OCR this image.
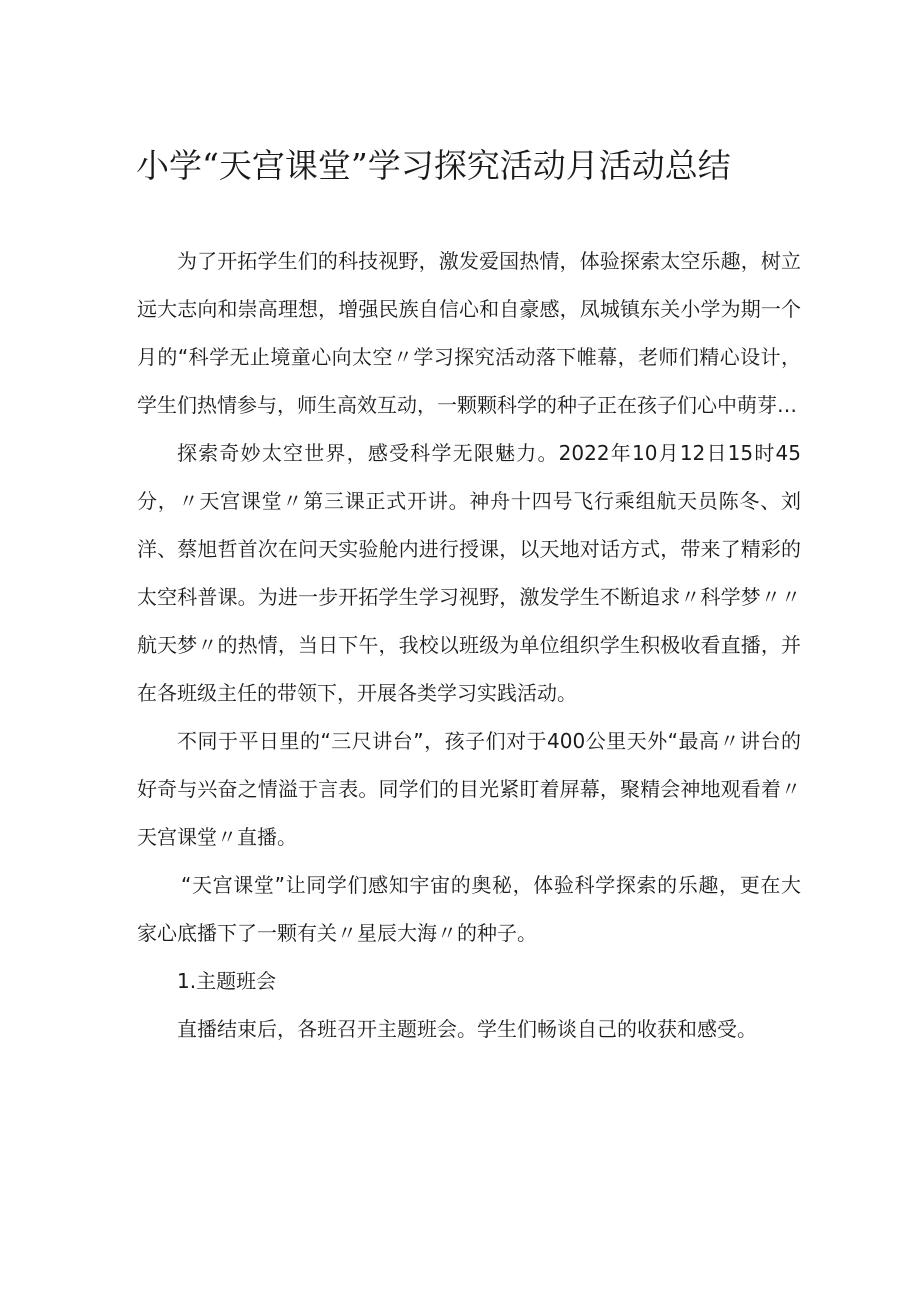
小学“天宫课堂”学习探究活动月活动总结

为了开拓学生们的科技视野，激发爱国热情，体验探索太空乐趣，树立远大志向和崇高理想，增强民族自信心和自豪感，凤城镇东关小学为期一个月的“科学无止境童心向太空〃学习探究活动落下帷幕，老师们精心设计，学生们热情参与，师生高效互动，一颗颗科学的种子正在孩子们心中萌芽…

探索奇妙太空世界，感受科学无限魅力。2022年10月12日15时45分，〃天宫课堂〃第三课正式开讲。神舟十四号飞行乘组航天员陈冬、刘洋、蔡旭哲首次在问天实验舱内进行授课，以天地对话方式，带来了精彩的太空科普课。为进一步开拓学生学习视野，激发学生不断追求〃科学梦〃〃航天梦〃的热情，当日下午，我校以班级为单位组织学生积极收看直播，并在各班级主任的带领下，开展各类学习实践活动。

不同于平日里的“三尺讲台”，孩子们对于400公里天外“最高〃讲台的好奇与兴奋之情溢于言表。同学们的目光紧盯着屏幕，聚精会神地观看着〃天宫课堂〃直播。

“天宫课堂”让同学们感知宇宙的奥秘，体验科学探索的乐趣，更在大家心底播下了一颗有关〃星辰大海〃的种子。

1.主题班会

直播结束后，各班召开主题班会。学生们畅谈自己的收获和感受。
